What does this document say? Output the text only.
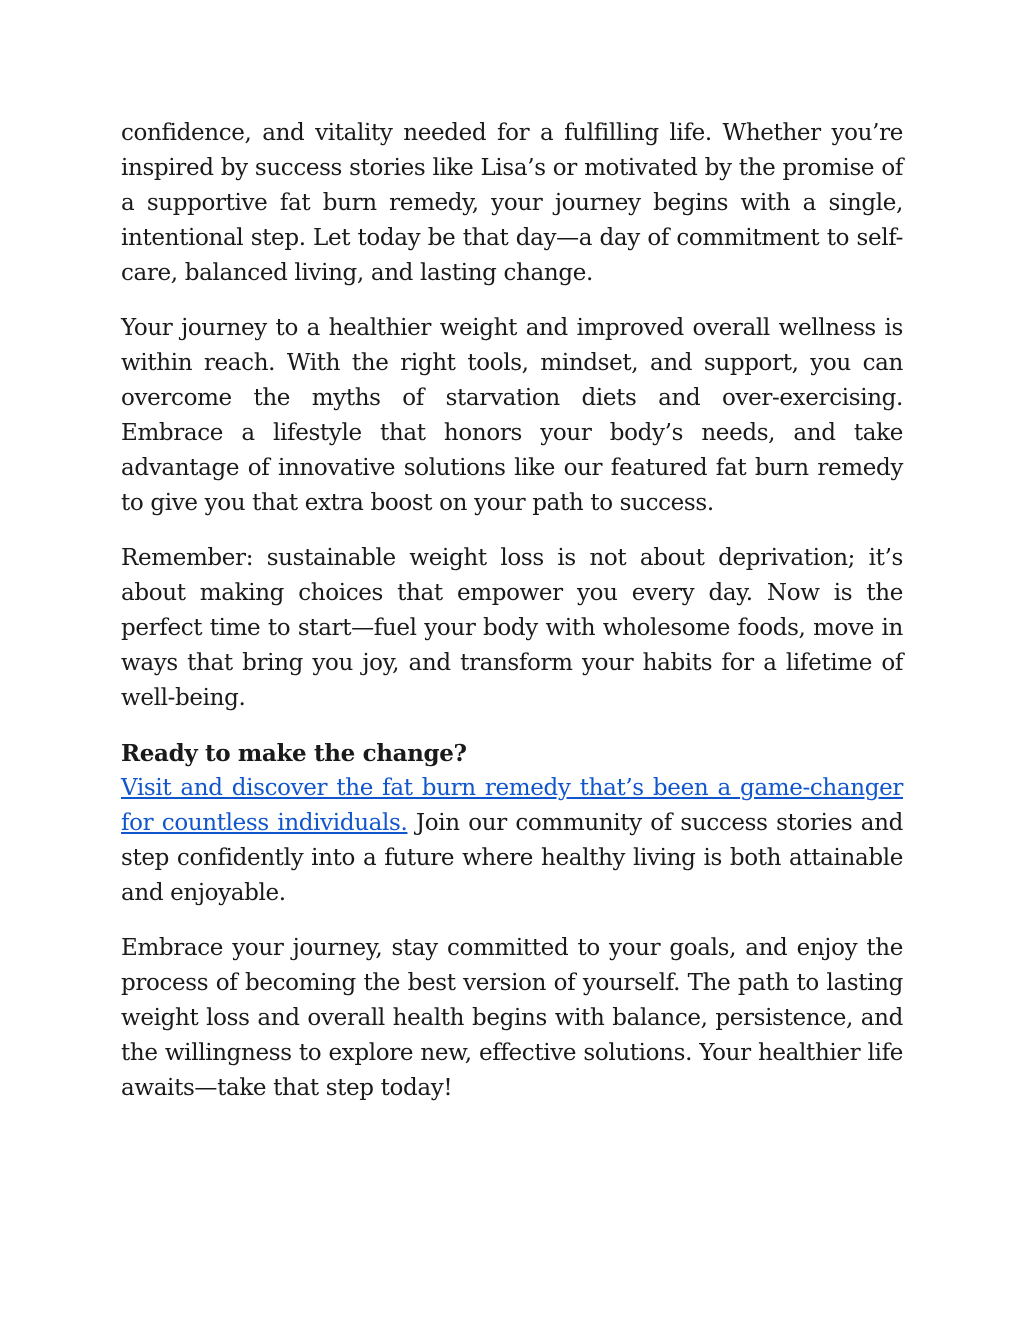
confidence, and vitality needed for a fulfilling life. Whether you’re inspired by success stories like Lisa’s or motivated by the promise of a supportive fat burn remedy, your journey begins with a single, intentional step. Let today be that day—a day of commitment to self-care, balanced living, and lasting change.

Your journey to a healthier weight and improved overall wellness is within reach. With the right tools, mindset, and support, you can overcome the myths of starvation diets and over-exercising. Embrace a lifestyle that honors your body’s needs, and take advantage of innovative solutions like our featured fat burn remedy to give you that extra boost on your path to success.

Remember: sustainable weight loss is not about deprivation; it’s about making choices that empower you every day. Now is the perfect time to start—fuel your body with wholesome foods, move in ways that bring you joy, and transform your habits for a lifetime of well-being.

Ready to make the change?

Visit and discover the fat burn remedy that’s been a game-changer for countless individuals. Join our community of success stories and step confidently into a future where healthy living is both attainable and enjoyable.

Embrace your journey, stay committed to your goals, and enjoy the process of becoming the best version of yourself. The path to lasting weight loss and overall health begins with balance, persistence, and the willingness to explore new, effective solutions. Your healthier life awaits—take that step today!
